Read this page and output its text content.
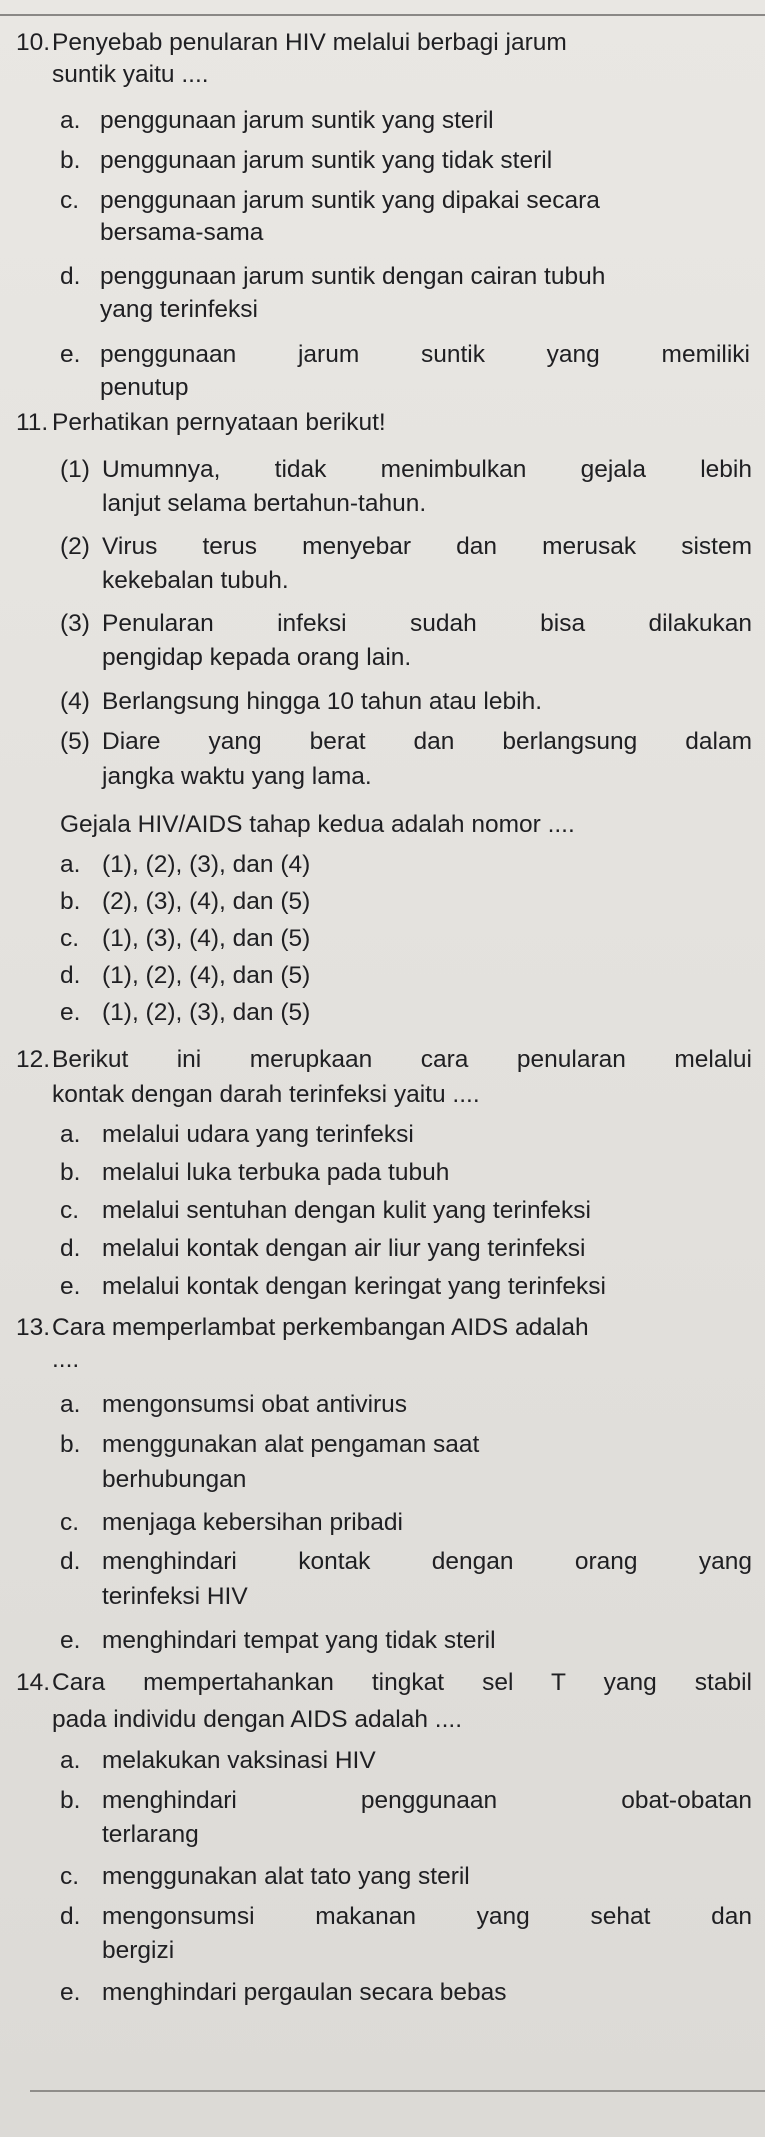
10. Penyebab penularan HIV melalui berbagi jarum
suntik yaitu ....
a. penggunaan jarum suntik yang steril
b. penggunaan jarum suntik yang tidak steril
c. penggunaan jarum suntik yang dipakai secara
bersama-sama
d. penggunaan jarum suntik dengan cairan tubuh
yang terinfeksi
e. penggunaan jarum suntik yang memiliki
penutup
11. Perhatikan pernyataan berikut!
(1) Umumnya, tidak menimbulkan gejala lebih
lanjut selama bertahun-tahun.
(2) Virus terus menyebar dan merusak sistem
kekebalan tubuh.
(3) Penularan infeksi sudah bisa dilakukan
pengidap kepada orang lain.
(4) Berlangsung hingga 10 tahun atau lebih.
(5) Diare yang berat dan berlangsung dalam
jangka waktu yang lama.
Gejala HIV/AIDS tahap kedua adalah nomor ....
a. (1), (2), (3), dan (4)
b. (2), (3), (4), dan (5)
c. (1), (3), (4), dan (5)
d. (1), (2), (4), dan (5)
e. (1), (2), (3), dan (5)
12. Berikut ini merupkaan cara penularan melalui
kontak dengan darah terinfeksi yaitu ....
a. melalui udara yang terinfeksi
b. melalui luka terbuka pada tubuh
c. melalui sentuhan dengan kulit yang terinfeksi
d. melalui kontak dengan air liur yang terinfeksi
e. melalui kontak dengan keringat yang terinfeksi
13. Cara memperlambat perkembangan AIDS adalah
....
a. mengonsumsi obat antivirus
b. menggunakan alat pengaman saat
berhubungan
c. menjaga kebersihan pribadi
d. menghindari kontak dengan orang yang
terinfeksi HIV
e. menghindari tempat yang tidak steril
14. Cara mempertahankan tingkat sel T yang stabil
pada individu dengan AIDS adalah ....
a. melakukan vaksinasi HIV
b. menghindari penggunaan obat-obatan
terlarang
c. menggunakan alat tato yang steril
d. mengonsumsi makanan yang sehat dan
bergizi
e. menghindari pergaulan secara bebas
